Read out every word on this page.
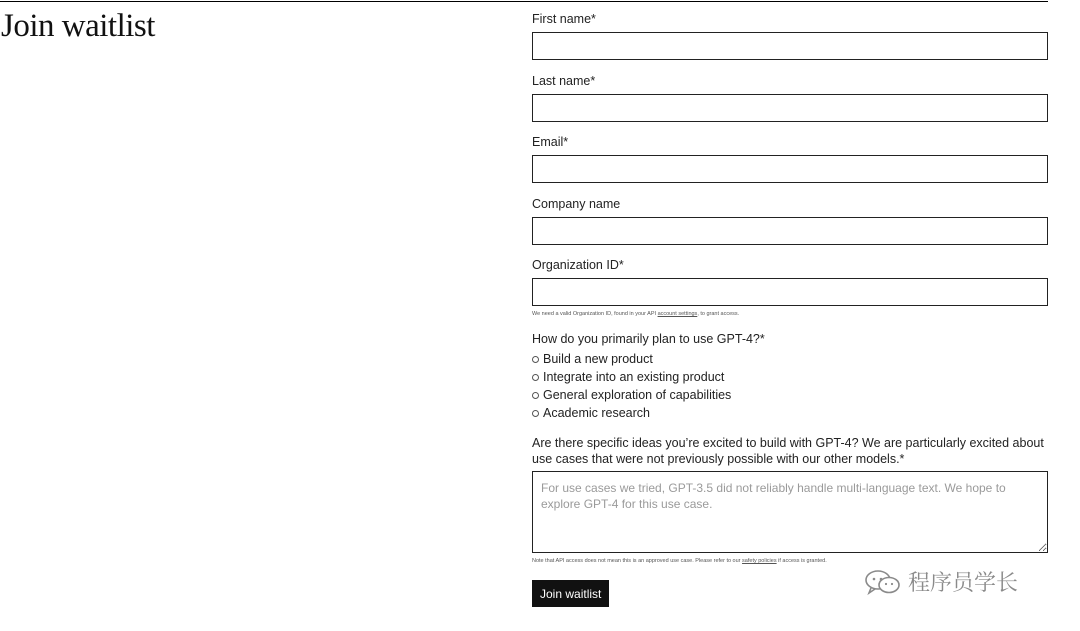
Join waitlist	First name*
Last name*
Email*
Company name
Organization ID*
We need a valid Organization ID, found in your API account settings, to grant access.
How do you primarily plan to use GPT-4?*
Build a new product
Integrate into an existing product
General exploration of capabilities
Academic research
Are there specific ideas you’re excited to build with GPT-4? We are particularly excited about use cases that were not previously possible with our other models.*
For use cases we tried, GPT-3.5 did not reliably handle multi-language text. We hope to explore GPT-4 for this use case.
Note that API access does not mean this is an approved use case. Please refer to our safety policies if access is granted.
Join waitlist	程序员学长
